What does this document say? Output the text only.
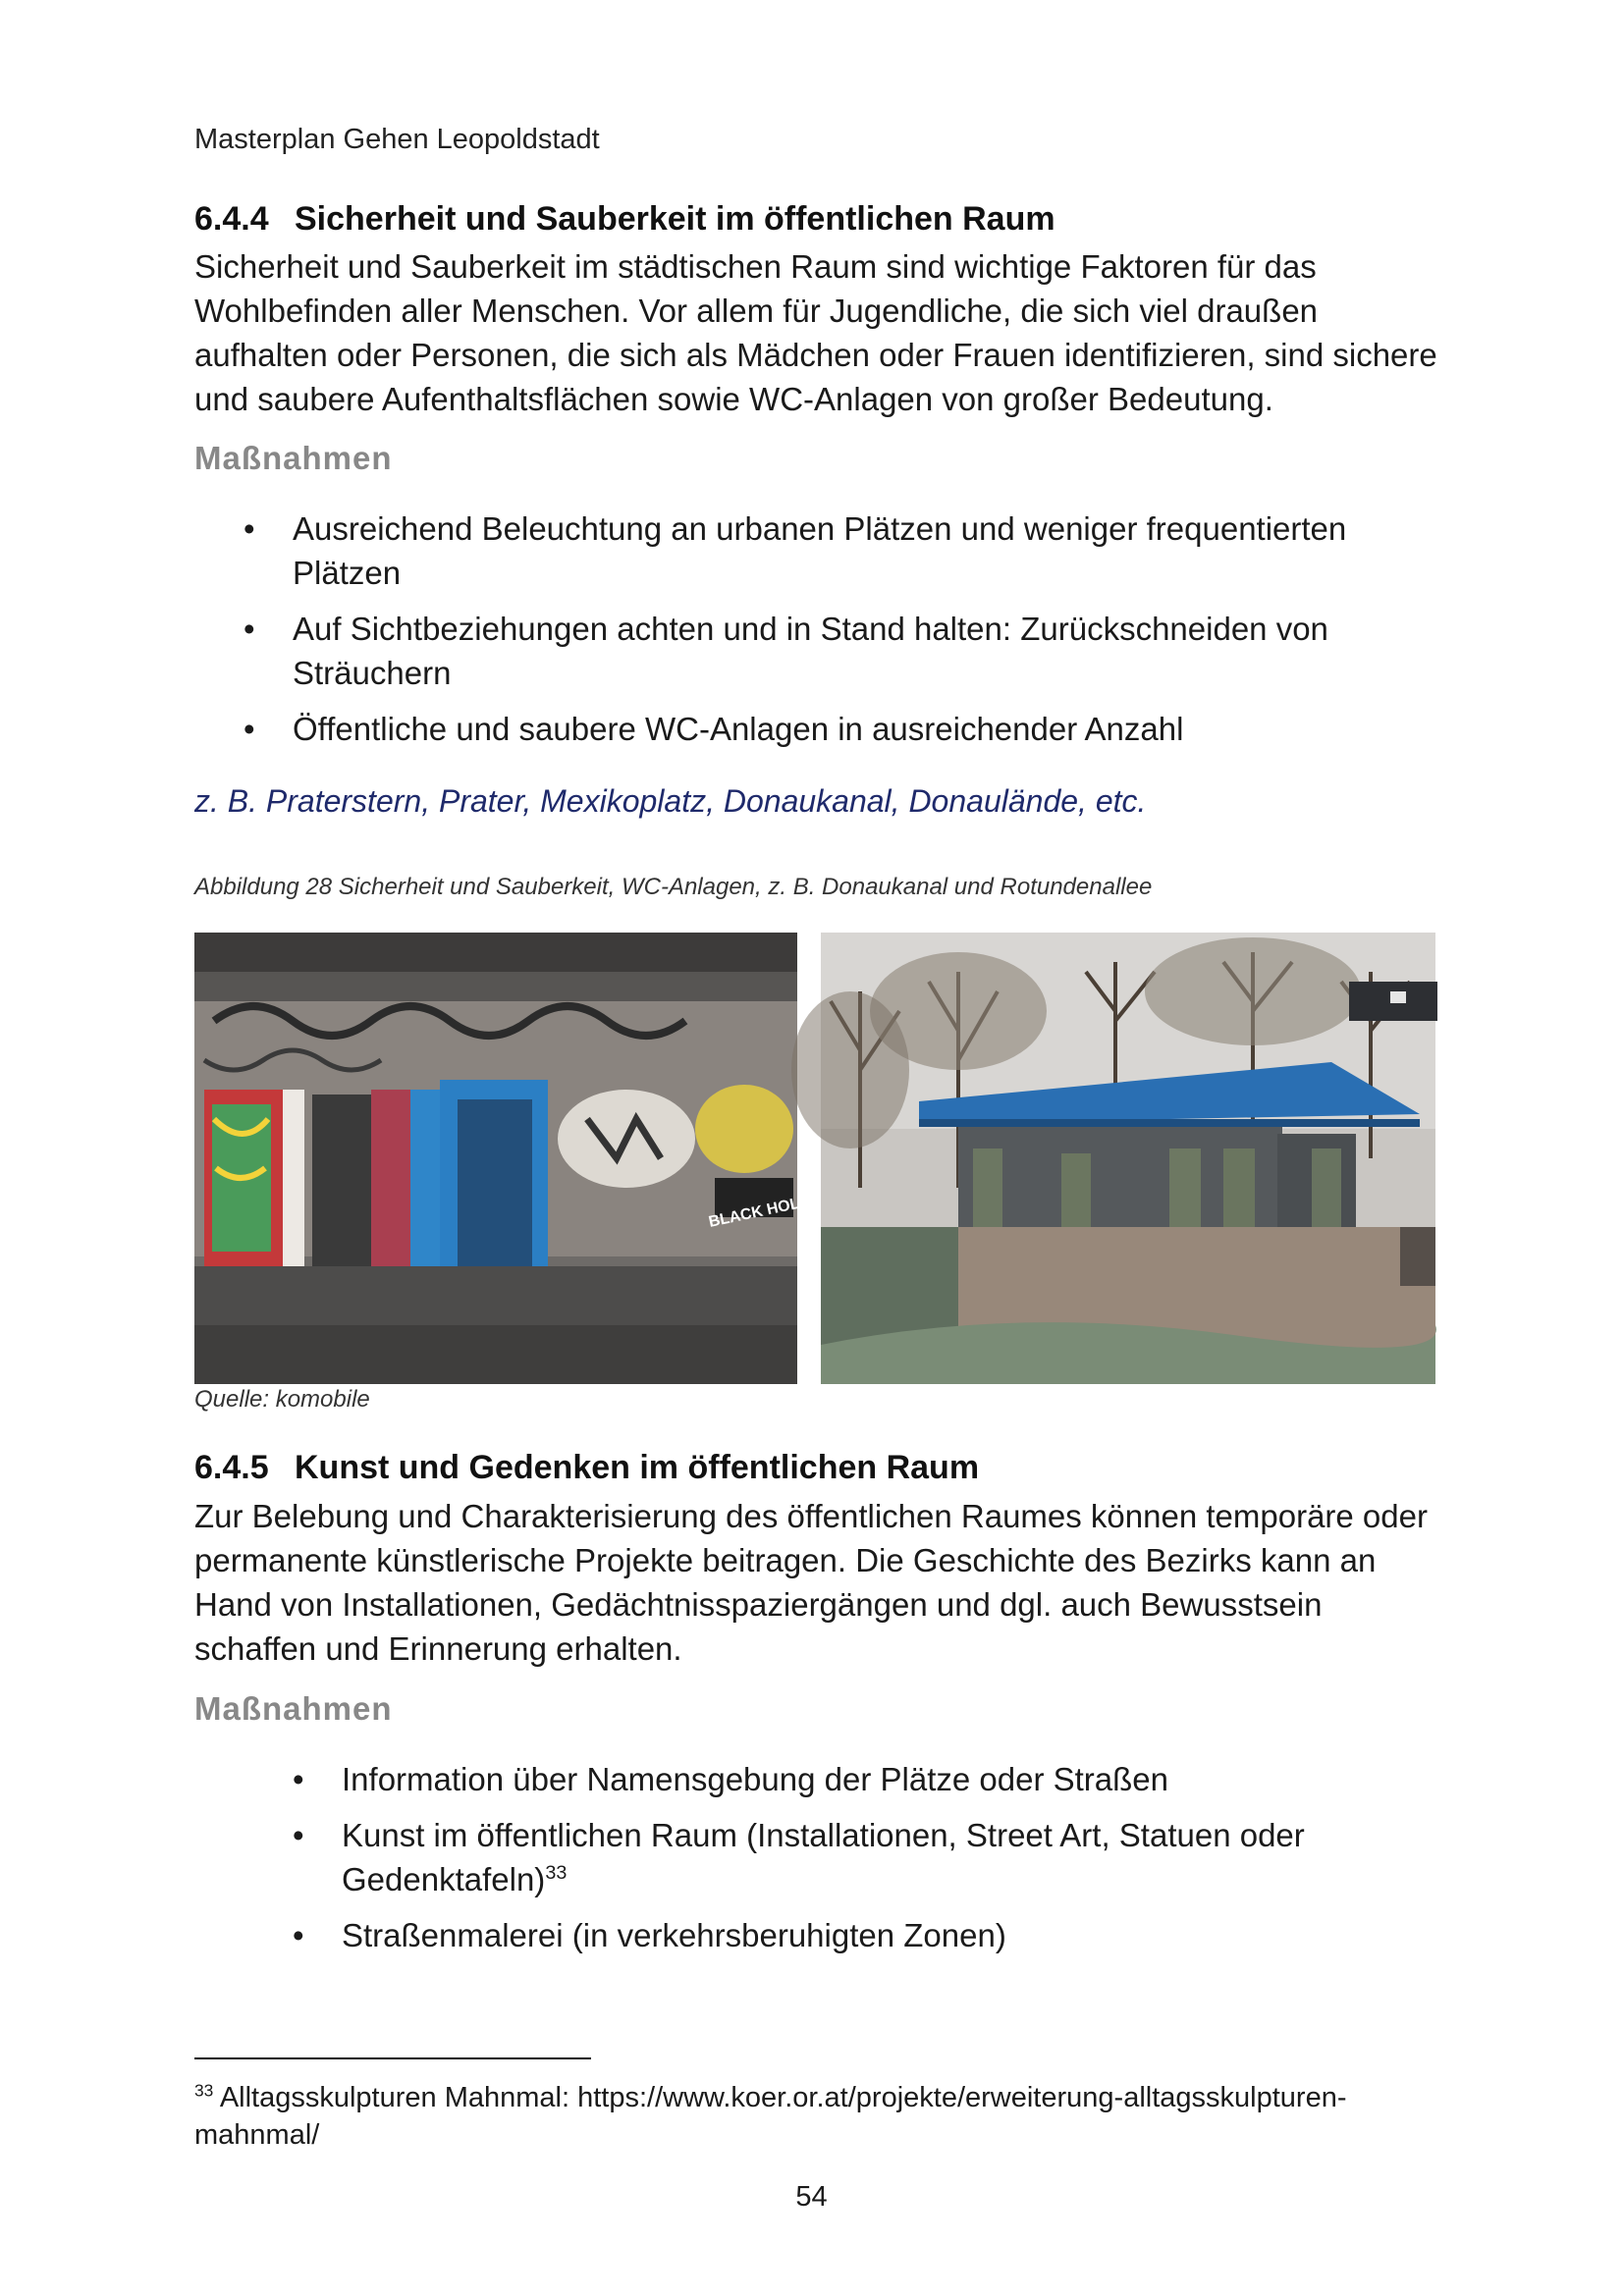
Masterplan Gehen Leopoldstadt
6.4.4 Sicherheit und Sauberkeit im öffentlichen Raum
Sicherheit und Sauberkeit im städtischen Raum sind wichtige Faktoren für das Wohlbefinden aller Menschen. Vor allem für Jugendliche, die sich viel draußen aufhalten oder Personen, die sich als Mädchen oder Frauen identifizieren, sind sichere und saubere Aufenthaltsflächen sowie WC-Anlagen von großer Bedeutung.
Maßnahmen
• Ausreichend Beleuchtung an urbanen Plätzen und weniger frequentierten Plätzen
• Auf Sichtbeziehungen achten und in Stand halten: Zurückschneiden von Sträuchern
• Öffentliche und saubere WC-Anlagen in ausreichender Anzahl
z. B. Praterstern, Prater, Mexikoplatz, Donaukanal, Donaulände, etc.
Abbildung 28 Sicherheit und Sauberkeit, WC-Anlagen, z. B. Donaukanal und Rotundenallee
BLACK HOLE
Quelle: komobile
6.4.5 Kunst und Gedenken im öffentlichen Raum
Zur Belebung und Charakterisierung des öffentlichen Raumes können temporäre oder permanente künstlerische Projekte beitragen. Die Geschichte des Bezirks kann an Hand von Installationen, Gedächtnisspaziergängen und dgl. auch Bewusstsein schaffen und Erinnerung erhalten.
Maßnahmen
• Information über Namensgebung der Plätze oder Straßen
• Kunst im öffentlichen Raum (Installationen, Street Art, Statuen oder Gedenktafeln)$^{33}$
• Straßenmalerei (in verkehrsberuhigten Zonen)
$^{33}$ Alltagsskulpturen Mahnmal: https://www.koer.or.at/projekte/erweiterung-alltagsskulpturen-mahnmal/
54
